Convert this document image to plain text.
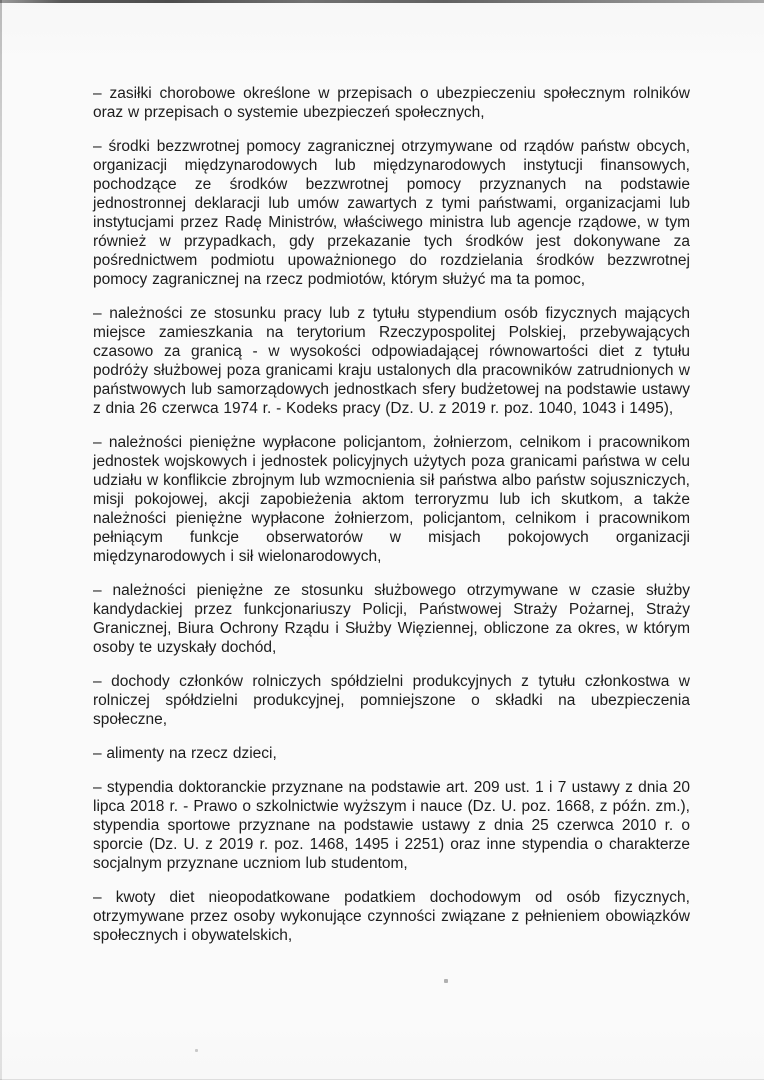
– zasiłki chorobowe określone w przepisach o ubezpieczeniu społecznym rolników oraz w przepisach o systemie ubezpieczeń społecznych,

– środki bezzwrotnej pomocy zagranicznej otrzymywane od rządów państw obcych, organizacji międzynarodowych lub międzynarodowych instytucji finansowych, pochodzące ze środków bezzwrotnej pomocy przyznanych na podstawie jednostronnej deklaracji lub umów zawartych z tymi państwami, organizacjami lub instytucjami przez Radę Ministrów, właściwego ministra lub agencje rządowe, w tym również w przypadkach, gdy przekazanie tych środków jest dokonywane za pośrednictwem podmiotu upoważnionego do rozdzielania środków bezzwrotnej pomocy zagranicznej na rzecz podmiotów, którym służyć ma ta pomoc,

– należności ze stosunku pracy lub z tytułu stypendium osób fizycznych mających miejsce zamieszkania na terytorium Rzeczypospolitej Polskiej, przebywających czasowo za granicą - w wysokości odpowiadającej równowartości diet z tytułu podróży służbowej poza granicami kraju ustalonych dla pracowników zatrudnionych w państwowych lub samorządowych jednostkach sfery budżetowej na podstawie ustawy z dnia 26 czerwca 1974 r. - Kodeks pracy (Dz. U. z 2019 r. poz. 1040, 1043 i 1495),

– należności pieniężne wypłacone policjantom, żołnierzom, celnikom i pracownikom jednostek wojskowych i jednostek policyjnych użytych poza granicami państwa w celu udziału w konflikcie zbrojnym lub wzmocnienia sił państwa albo państw sojuszniczych, misji pokojowej, akcji zapobieżenia aktom terroryzmu lub ich skutkom, a także należności pieniężne wypłacone żołnierzom, policjantom, celnikom i pracownikom pełniącym funkcje obserwatorów w misjach pokojowych organizacji międzynarodowych i sił wielonarodowych,

– należności pieniężne ze stosunku służbowego otrzymywane w czasie służby kandydackiej przez funkcjonariuszy Policji, Państwowej Straży Pożarnej, Straży Granicznej, Biura Ochrony Rządu i Służby Więziennej, obliczone za okres, w którym osoby te uzyskały dochód,

– dochody członków rolniczych spółdzielni produkcyjnych z tytułu członkostwa w rolniczej spółdzielni produkcyjnej, pomniejszone o składki na ubezpieczenia społeczne,

– alimenty na rzecz dzieci,

– stypendia doktoranckie przyznane na podstawie art. 209 ust. 1 i 7 ustawy z dnia 20 lipca 2018 r. - Prawo o szkolnictwie wyższym i nauce (Dz. U. poz. 1668, z późn. zm.), stypendia sportowe przyznane na podstawie ustawy z dnia 25 czerwca 2010 r. o sporcie (Dz. U. z 2019 r. poz. 1468, 1495 i 2251) oraz inne stypendia o charakterze socjalnym przyznane uczniom lub studentom,

– kwoty diet nieopodatkowane podatkiem dochodowym od osób fizycznych, otrzymywane przez osoby wykonujące czynności związane z pełnieniem obowiązków społecznych i obywatelskich,
